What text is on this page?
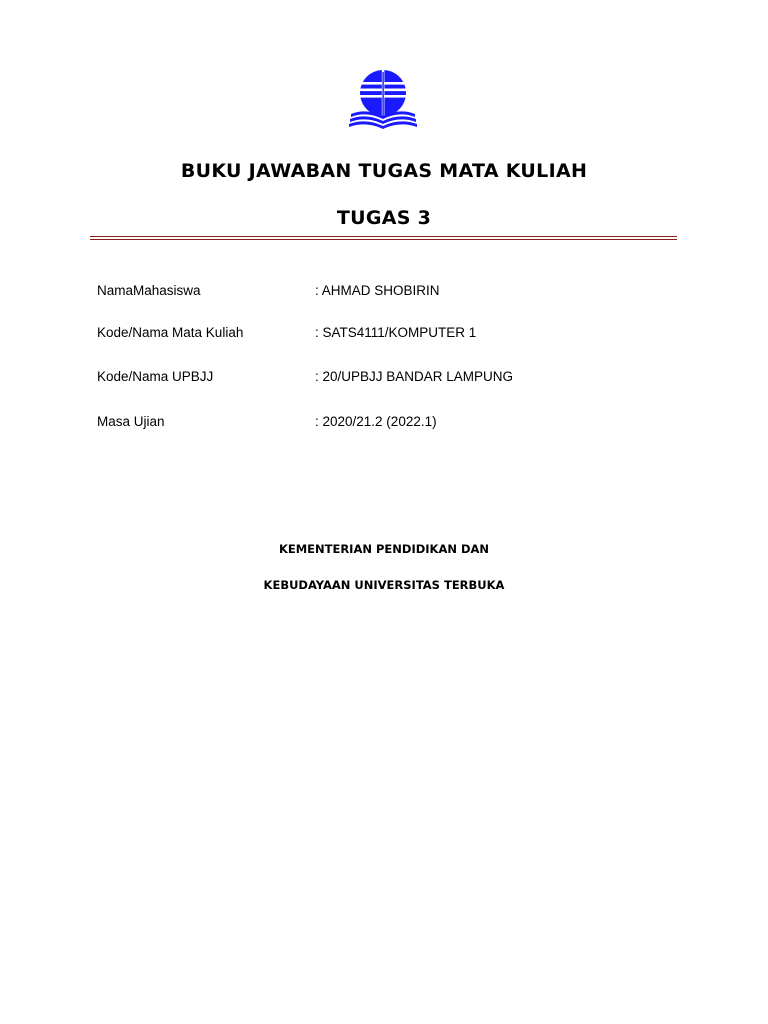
BUKU JAWABAN TUGAS MATA KULIAH
TUGAS 3
NamaMahasiswa	: AHMAD SHOBIRIN
Kode/Nama Mata Kuliah	: SATS4111/KOMPUTER 1
Kode/Nama UPBJJ	: 20/UPBJJ BANDAR LAMPUNG
Masa Ujian	: 2020/21.2 (2022.1)
KEMENTERIAN PENDIDIKAN DAN
KEBUDAYAAN UNIVERSITAS TERBUKA
